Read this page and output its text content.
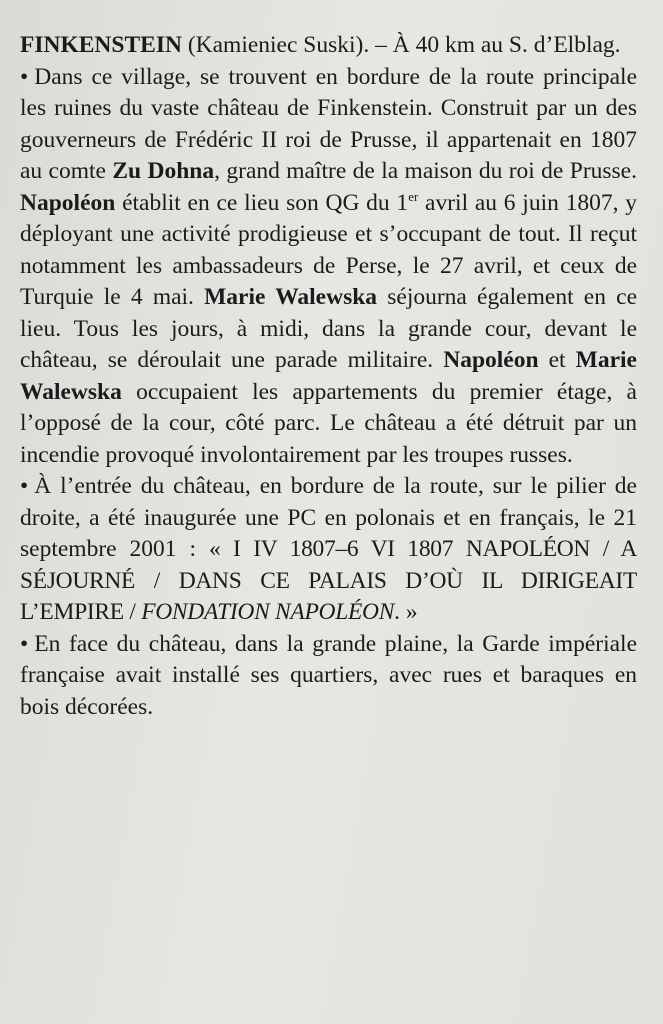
FINKENSTEIN (Kamieniec Suski). – À 40 km au S. d’Elblag.
• Dans ce village, se trouvent en bordure de la route principale les ruines du vaste château de Finkenstein. Construit par un des gouverneurs de Frédéric II roi de Prusse, il appartenait en 1807 au comte Zu Dohna, grand maître de la maison du roi de Prusse. Napoléon établit en ce lieu son QG du 1er avril au 6 juin 1807, y déployant une activité prodigieuse et s’occupant de tout. Il reçut notamment les ambassadeurs de Perse, le 27 avril, et ceux de Turquie le 4 mai. Marie Walewska séjourna également en ce lieu. Tous les jours, à midi, dans la grande cour, devant le château, se déroulait une parade militaire. Napoléon et Marie Walewska occupaient les appartements du premier étage, à l’opposé de la cour, côté parc. Le château a été détruit par un incendie provoqué involontairement par les troupes russes.

• À l’entrée du château, en bordure de la route, sur le pilier de droite, a été inaugurée une PC en polonais et en français, le 21 septembre 2001 : « I IV 1807–6 VI 1807 NAPOLÉON / A SÉJOURNÉ / DANS CE PALAIS D’OÙ IL DIRIGEAIT L’EMPIRE / FONDATION NAPOLÉON. »

• En face du château, dans la grande plaine, la Garde impériale française avait installé ses quartiers, avec rues et baraques en bois décorées.
